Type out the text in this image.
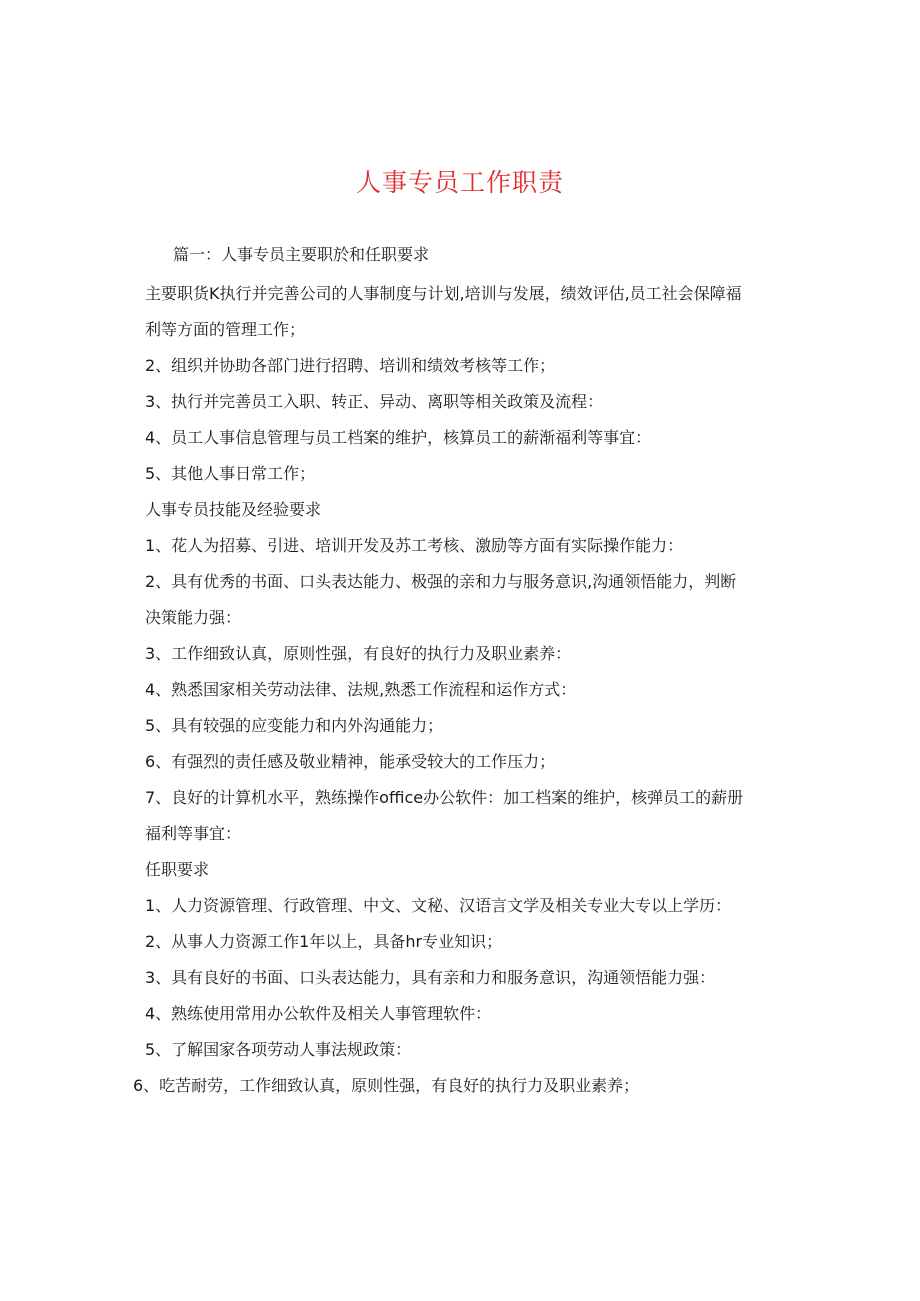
人事专员工作职责
篇一：人事专员主要职於和任职要求
主要职货K执行并完善公司的人事制度与计划,培训与发展，绩效评估,员工社会保障福
利等方面的管理工作；
2、组织并协助各部门进行招聘、培训和绩效考核等工作；
3、执行并完善员工入职、转正、异动、离职等相关政策及流程：
4、员工人事信息管理与员工档案的维护，核算员工的薪渐福利等事宜：
5、其他人事日常工作；
人事专员技能及经验要求
1、花人为招募、引进、培训开发及苏工考核、激励等方面有实际操作能力：
2、具有优秀的书面、口头表达能力、极强的亲和力与服务意识,沟通领悟能力，判断
决策能力强：
3、工作细致认真，原则性强，有良好的执行力及职业素养：
4、熟悉国家相关劳动法律、法规,熟悉工作流程和运作方式：
5、具有较强的应变能力和内外沟通能力；
6、有强烈的责任感及敬业精神，能承受较大的工作压力；
7、良好的计算机水平，熟练操作office办公软件：加工档案的维护，核弹员工的薪册
福利等事宜：
任职要求
1、人力资源管理、行政管理、中文、文秘、汉语言文学及相关专业大专以上学历：
2、从事人力资源工作1年以上，具备hr专业知识；
3、具有良好的书面、口头表达能力，具有亲和力和服务意识，沟通领悟能力强：
4、熟练使用常用办公软件及相关人事管理软件：
5、了解国家各项劳动人事法规政策：
6、吃苦耐劳，工作细致认真，原则性强，有良好的执行力及职业素养；
